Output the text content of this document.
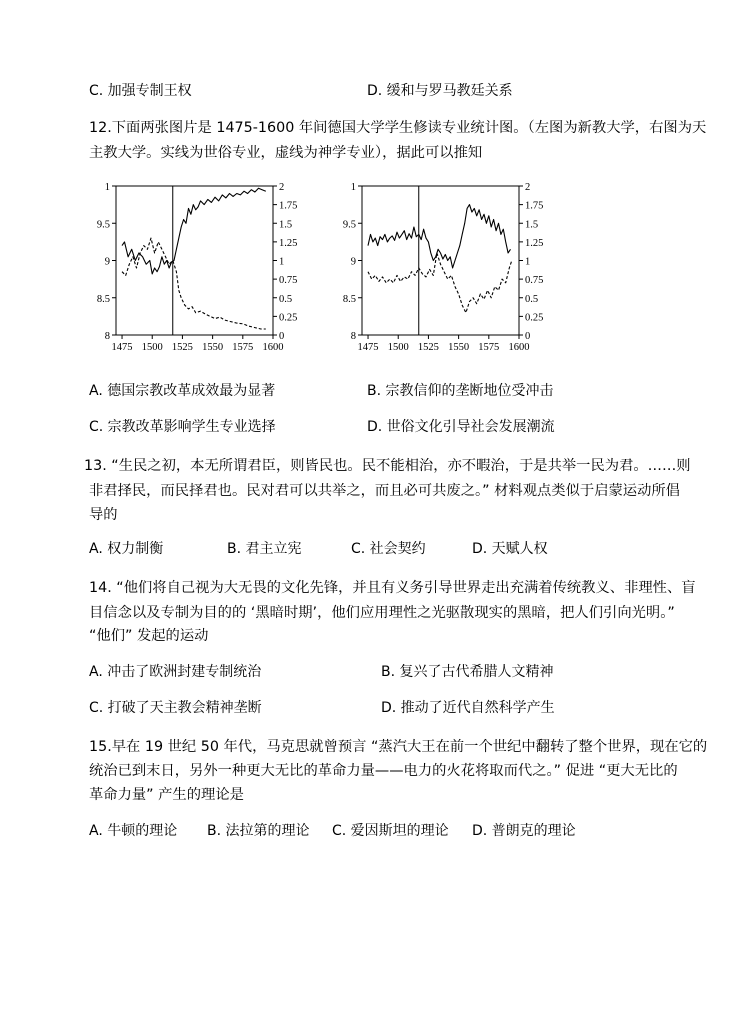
C. 加强专制王权	D. 缓和与罗马教廷关系
12.下面两张图片是 1475-1600 年间德国大学学生修读专业统计图。（左图为新教大学，右图为天
主教大学。实线为世俗专业，虚线为神学专业），据此可以推知
1475 1500 1525 1550 1575 1600
8
8.5
9
9.5
1
0
0.25
0.5
0.75
1
1.25
1.5
1.75
2
1475 1500 1525 1550 1575 1600
8
8.5
9
9.5
1
0
0.25
0.5
0.75
1
1.25
1.5
1.75
2
A. 德国宗教改革成效最为显著	B. 宗教信仰的垄断地位受冲击
C. 宗教改革影响学生专业选择	D. 世俗文化引导社会发展潮流
13. “生民之初，本无所谓君臣，则皆民也。民不能相治，亦不暇治，于是共举一民为君。……则
非君择民，而民择君也。民对君可以共举之，而且必可共废之。” 材料观点类似于启蒙运动所倡
导的
A. 权力制衡	B. 君主立宪	C. 社会契约	D. 天赋人权
14. “他们将自己视为大无畏的文化先锋，并且有义务引导世界走出充满着传统教义、非理性、盲
目信念以及专制为目的的 ‘黑暗时期’，他们应用理性之光驱散现实的黑暗，把人们引向光明。”
“他们” 发起的运动
A. 冲击了欧洲封建专制统治	B. 复兴了古代希腊人文精神
C. 打破了天主教会精神垄断	D. 推动了近代自然科学产生
15.早在 19 世纪 50 年代，马克思就曾预言 “蒸汽大王在前一个世纪中翻转了整个世界，现在它的
统治已到末日，另外一种更大无比的革命力量——电力的火花将取而代之。” 促进 “更大无比的
革命力量” 产生的理论是
A. 牛顿的理论 B. 法拉第的理论 C. 爱因斯坦的理论 D. 普朗克的理论
